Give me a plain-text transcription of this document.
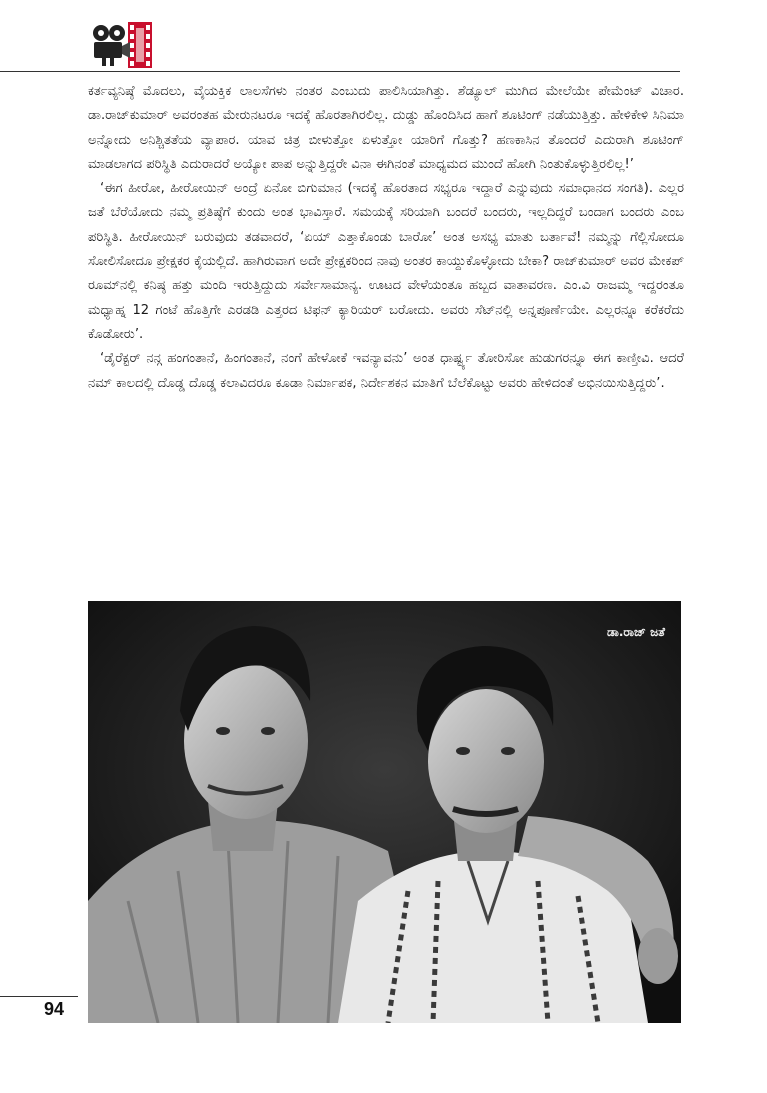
ಕರ್ತವ್ಯನಿಷ್ಠೆ ಮೊದಲು, ವೈಯಕ್ತಿಕ ಲಾಲಸೆಗಳು ನಂತರ ಎಂಬುದು ಪಾಲಿಸಿಯಾಗಿತ್ತು. ಶೆಡ್ಯೂಲ್ ಮುಗಿದ ಮೇಲೆಯೇ ಪೇಮೆಂಟ್ ವಿಚಾರ. ಡಾ.ರಾಜ್‌ಕುಮಾರ್ ಅವರಂತಹ ಮೇರುನಟರೂ ಇದಕ್ಕೆ ಹೊರತಾಗಿರಲಿಲ್ಲ. ದುಡ್ಡು ಹೊಂದಿಸಿದ ಹಾಗೆ ಶೂಟಿಂಗ್ ನಡೆಯುತ್ತಿತ್ತು. ಹೇಳಿಕೇಳಿ ಸಿನಿಮಾ ಅನ್ನೋದು ಅನಿಶ್ಚಿತತೆಯ ವ್ಯಾಪಾರ. ಯಾವ ಚಿತ್ರ ಬೀಳುತ್ತೋ ಏಳುತ್ತೋ ಯಾರಿಗೆ ಗೊತ್ತು? ಹಣಕಾಸಿನ ತೊಂದರೆ ಎದುರಾಗಿ ಶೂಟಿಂಗ್ ಮಾಡಲಾಗದ ಪರಿಸ್ಥಿತಿ ಎದುರಾದರೆ ಅಯ್ಯೋ ಪಾಪ ಅನ್ನುತ್ತಿದ್ದರೇ ವಿನಾ ಈಗಿನಂತೆ ಮಾಧ್ಯಮದ ಮುಂದೆ ಹೋಗಿ ನಿಂತುಕೊಳ್ಳುತ್ತಿರಲಿಲ್ಲ!’

‘ಈಗ ಹೀರೋ, ಹೀರೋಯಿನ್ ಅಂದ್ರೆ ಏನೋ ಬಿಗುಮಾನ (ಇದಕ್ಕೆ ಹೊರತಾದ ಸಭ್ಯರೂ ಇದ್ದಾರೆ ಎನ್ನುವುದು ಸಮಾಧಾನದ ಸಂಗತಿ). ಎಲ್ಲರ ಜತೆ ಬೆರೆಯೋದು ನಮ್ಮ ಪ್ರತಿಷ್ಠೆಗೆ ಕುಂದು ಅಂತ ಭಾವಿಸ್ತಾರೆ. ಸಮಯಕ್ಕೆ ಸರಿಯಾಗಿ ಬಂದರೆ ಬಂದರು, ಇಲ್ಲದಿದ್ದರೆ ಬಂದಾಗ ಬಂದರು ಎಂಬ ಪರಿಸ್ಥಿತಿ. ಹೀರೋಯಿನ್ ಬರುವುದು ತಡವಾದರೆ, ‘ಏಯ್ ಎತ್ತಾಕೊಂಡು ಬಾರೋ’ ಅಂತ ಅಸಭ್ಯ ಮಾತು ಬರ್ತಾವೆ! ನಮ್ಮನ್ನು ಗೆಲ್ಲಿಸೋದೂ ಸೋಲಿಸೋದೂ ಪ್ರೇಕ್ಷಕರ ಕೈಯಲ್ಲಿದೆ. ಹಾಗಿರುವಾಗ ಅದೇ ಪ್ರೇಕ್ಷಕರಿಂದ ನಾವು ಅಂತರ ಕಾಯ್ದುಕೊಳ್ಳೋದು ಬೇಕಾ? ರಾಜ್‌ಕುಮಾರ್ ಅವರ ಮೇಕಪ್ ರೂಮ್‌ನಲ್ಲಿ ಕನಿಷ್ಠ ಹತ್ತು ಮಂದಿ ಇರುತ್ತಿದ್ದುದು ಸರ್ವೇಸಾಮಾನ್ಯ. ಊಟದ ವೇಳೆಯಂತೂ ಹಬ್ಬದ ವಾತಾವರಣ. ಎಂ.ವಿ ರಾಜಮ್ಮ ಇದ್ದರಂತೂ ಮಧ್ಯಾಹ್ನ 12 ಗಂಟೆ ಹೊತ್ತಿಗೇ ಎರಡಡಿ ಎತ್ತರದ ಟಿಫನ್ ಕ್ಯಾರಿಯರ್ ಬರೋದು. ಅವರು ಸೆಟ್‌ನಲ್ಲಿ ಅನ್ನಪೂರ್ಣೆಯೇ. ಎಲ್ಲರನ್ನೂ ಕರೆಕರೆದು ಕೊಡೋರು’.

‘ಡೈರೆಕ್ಟರ್ ನನ್ಗ ಹಂಗಂತಾನೆ, ಹಿಂಗಂತಾನೆ, ನಂಗೆ ಹೇಳೋಕೆ ಇವನ್ಯಾವನು’ ಅಂತ ಧಾರ್ಷ್ಟ್ಯ ತೋರಿಸೋ ಹುಡುಗರನ್ನೂ ಈಗ ಕಾಣ್ತೀವಿ. ಆದರೆ ನಮ್ ಕಾಲದಲ್ಲಿ ದೊಡ್ಡ ದೊಡ್ಡ ಕಲಾವಿದರೂ ಕೂಡಾ ನಿರ್ಮಾಪಕ, ನಿರ್ದೇಶಕನ ಮಾತಿಗೆ ಬೆಲೆಕೊಟ್ಟು ಅವರು ಹೇಳಿದಂತೆ ಅಭಿನಯಿಸುತ್ತಿದ್ದರು’.

ಡಾ.ರಾಜ್ ಜತೆ
94
